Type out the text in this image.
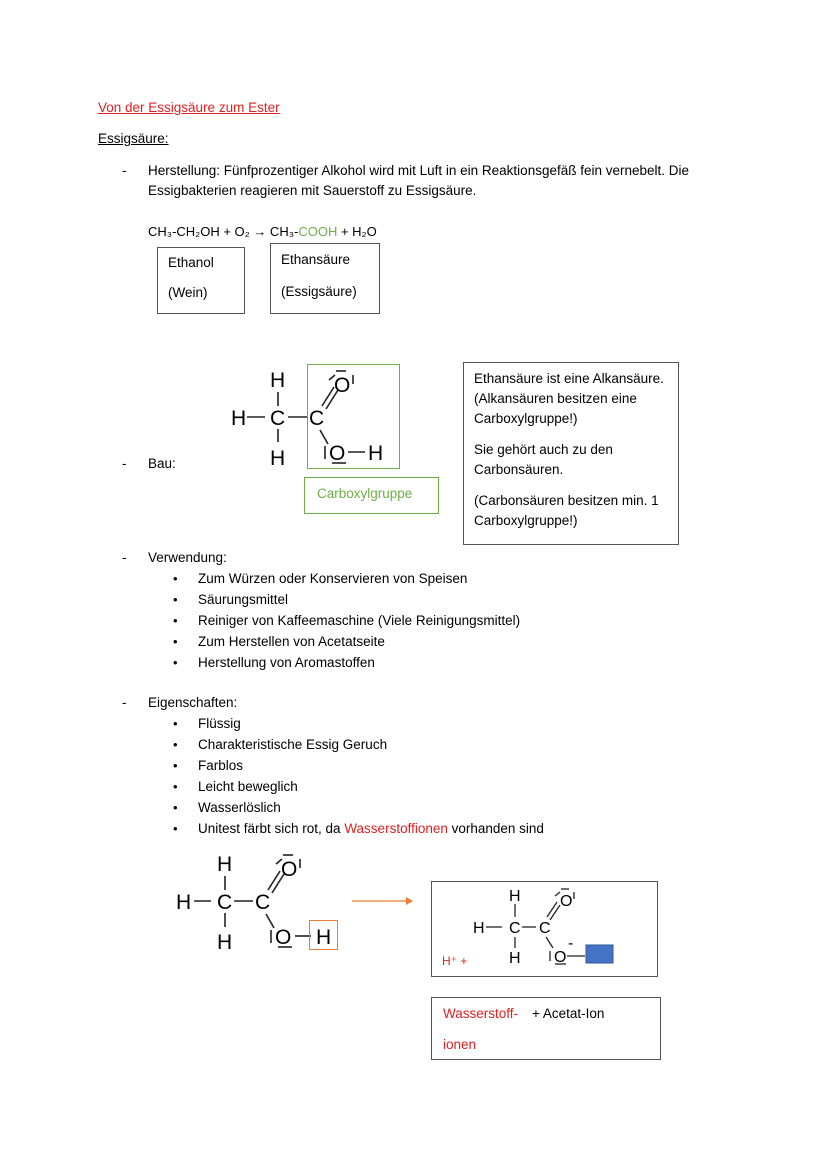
Von der Essigsäure zum Ester
Essigsäure:
- Herstellung: Fünfprozentiger Alkohol wird mit Luft in ein Reaktionsgefäß fein vernebelt. Die
Essigbakterien reagieren mit Sauerstoff zu Essigsäure.
CH₃-CH₂OH + O₂ → CH₃-COOH + H₂O
Ethanol
(Wein)
Ethansäure
(Essigsäure)
- Bau:
H
H C
H
C
O
O H
Carboxylgruppe
Ethansäure ist eine Alkansäure. (Alkansäuren besitzen eine Carboxylgruppe!)
Sie gehört auch zu den Carbonsäuren.
(Carbonsäuren besitzen min. 1 Carboxylgruppe!)
- Verwendung:
• Zum Würzen oder Konservieren von Speisen
• Säurungsmittel
• Reiniger von Kaffeemaschine (Viele Reinigungsmittel)
• Zum Herstellen von Acetatseite
• Herstellung von Aromastoffen
- Eigenschaften:
• Flüssig
• Charakteristische Essig Geruch
• Farblos
• Leicht beweglich
• Wasserlöslich
• Unitest färbt sich rot, da Wasserstoffionen vorhanden sind
H
H C
H
C
O
O H
H
H C
H
C
O
O
-
H⁺ +
Wasserstoff- + Acetat-Ion
ionen
